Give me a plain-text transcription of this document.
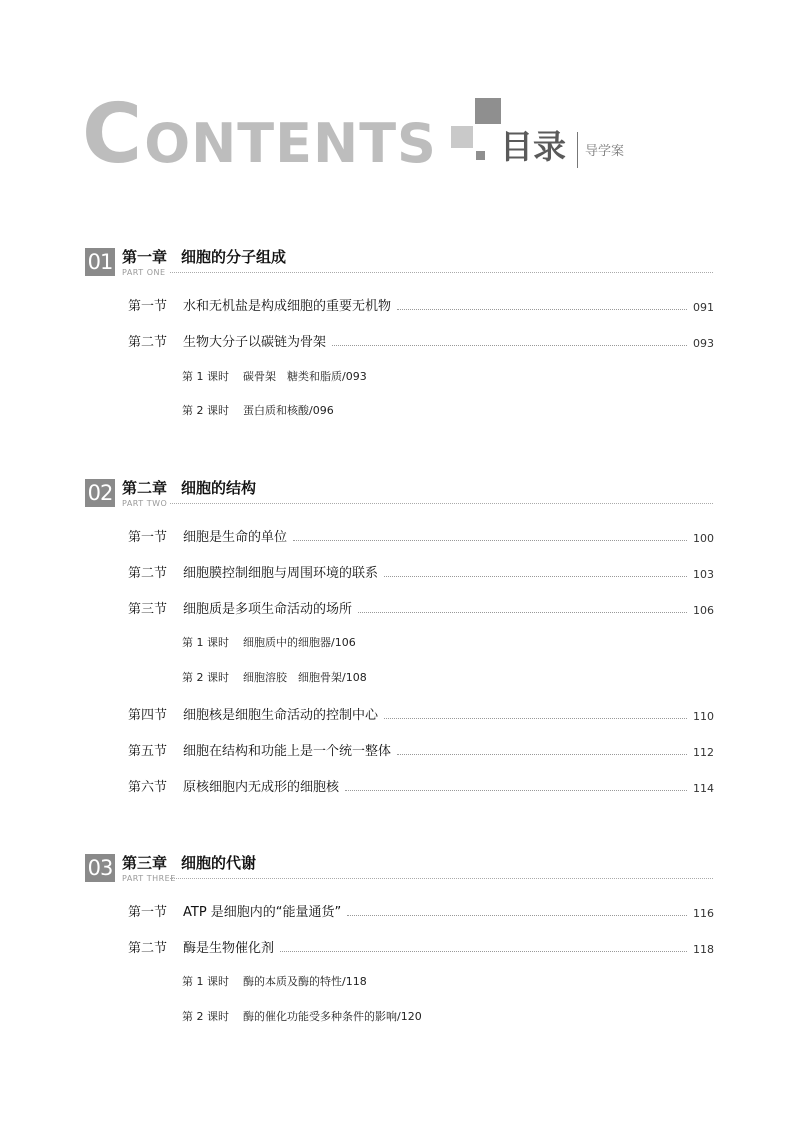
CONTENTS 目录 导学案
01 第一章 细胞的分子组成
PART ONE
第一节	水和无机盐是构成细胞的重要无机物	091
第二节	生物大分子以碳链为骨架	093
第 1 课时 碳骨架　糖类和脂质/093
第 2 课时 蛋白质和核酸/096
02 第二章 细胞的结构
PART TWO
第一节	细胞是生命的单位	100
第二节	细胞膜控制细胞与周围环境的联系	103
第三节	细胞质是多项生命活动的场所	106
第 1 课时 细胞质中的细胞器/106
第 2 课时 细胞溶胶　细胞骨架/108
第四节	细胞核是细胞生命活动的控制中心	110
第五节	细胞在结构和功能上是一个统一整体	112
第六节	原核细胞内无成形的细胞核	114
03 第三章 细胞的代谢
PART THREE
第一节	ATP 是细胞内的“能量通货”	116
第二节	酶是生物催化剂	118
第 1 课时 酶的本质及酶的特性/118
第 2 课时 酶的催化功能受多种条件的影响/120
